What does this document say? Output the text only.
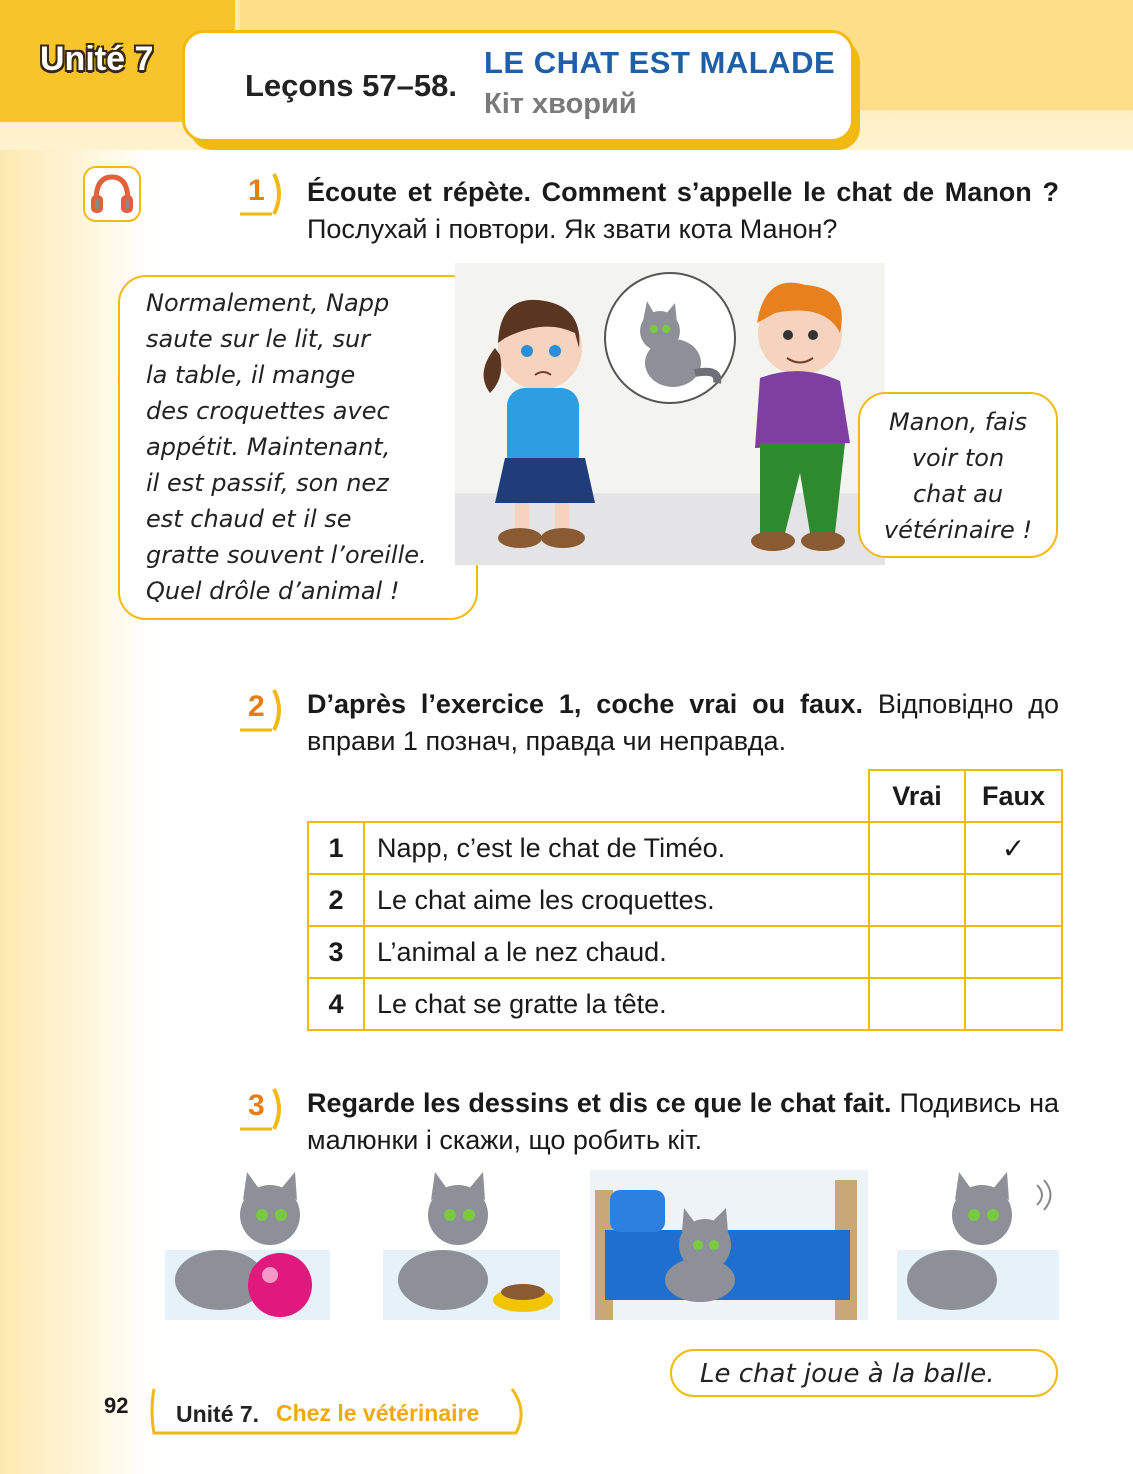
Unité 7
Leçons 57–58.
LE CHAT EST MALADE
Кіт хворий
1 Écoute et répète. Comment s’appelle le chat de Manon ? Послухай і повтори. Як звати кота Манон?
Normalement, Napp
saute sur le lit, sur
la table, il mange
des croquettes avec
appétit. Maintenant,
il est passif, son nez
est chaud et il se
gratte souvent l’oreille.
Quel drôle d’animal !
Manon, fais
voir ton
chat au
vétérinaire !
2 D’après l’exercice 1, coche vrai ou faux. Відповідно до вправи 1 познач, правда чи неправда.
		Vrai	Faux
1	Napp, c’est le chat de Timéo.		✓
2	Le chat aime les croquettes.		
3	L’animal a le nez chaud.		
4	Le chat se gratte la tête.		
3 Regarde les dessins et dis ce que le chat fait. Подивись на малюнки і скажи, що робить кіт.
Le chat joue à la balle.
92 Unité 7. Chez le vétérinaire
